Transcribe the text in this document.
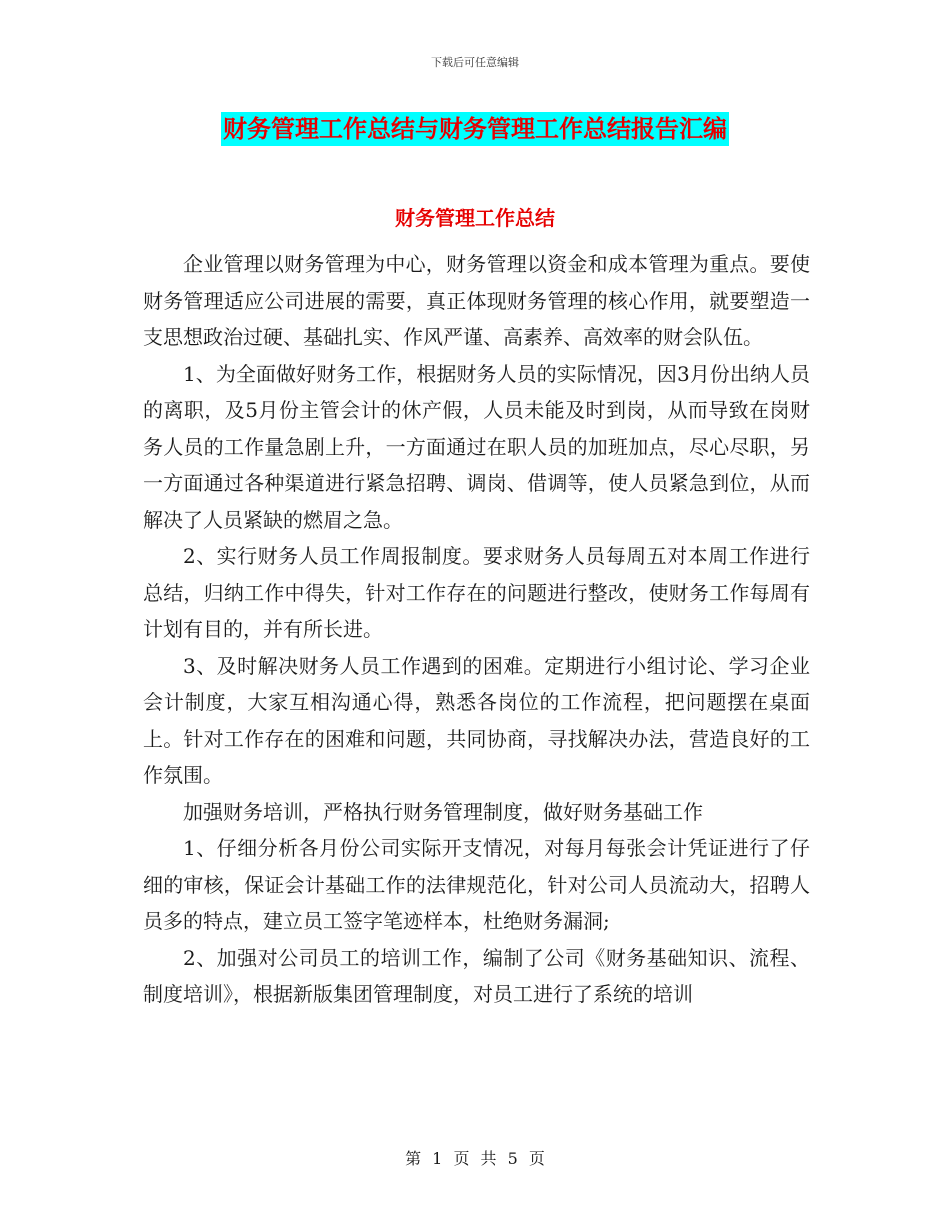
下载后可任意编辑
财务管理工作总结与财务管理工作总结报告汇编
财务管理工作总结

企业管理以财务管理为中心，财务管理以资金和成本管理为重点。要使财务管理适应公司进展的需要，真正体现财务管理的核心作用，就要塑造一支思想政治过硬、基础扎实、作风严谨、高素养、高效率的财会队伍。

1、为全面做好财务工作，根据财务人员的实际情况，因3月份出纳人员的离职，及5月份主管会计的休产假，人员未能及时到岗，从而导致在岗财务人员的工作量急剧上升，一方面通过在职人员的加班加点，尽心尽职，另一方面通过各种渠道进行紧急招聘、调岗、借调等，使人员紧急到位，从而解决了人员紧缺的燃眉之急。

2、实行财务人员工作周报制度。要求财务人员每周五对本周工作进行总结，归纳工作中得失，针对工作存在的问题进行整改，使财务工作每周有计划有目的，并有所长进。

3、及时解决财务人员工作遇到的困难。定期进行小组讨论、学习企业会计制度，大家互相沟通心得，熟悉各岗位的工作流程，把问题摆在桌面上。针对工作存在的困难和问题，共同协商，寻找解决办法，营造良好的工作氛围。

加强财务培训，严格执行财务管理制度，做好财务基础工作

1、仔细分析各月份公司实际开支情况，对每月每张会计凭证进行了仔细的审核，保证会计基础工作的法律规范化，针对公司人员流动大，招聘人员多的特点，建立员工签字笔迹样本，杜绝财务漏洞;

2、加强对公司员工的培训工作，编制了公司《财务基础知识、流程、制度培训》，根据新版集团管理制度，对员工进行了系统的培训

第 1 页 共 5 页
